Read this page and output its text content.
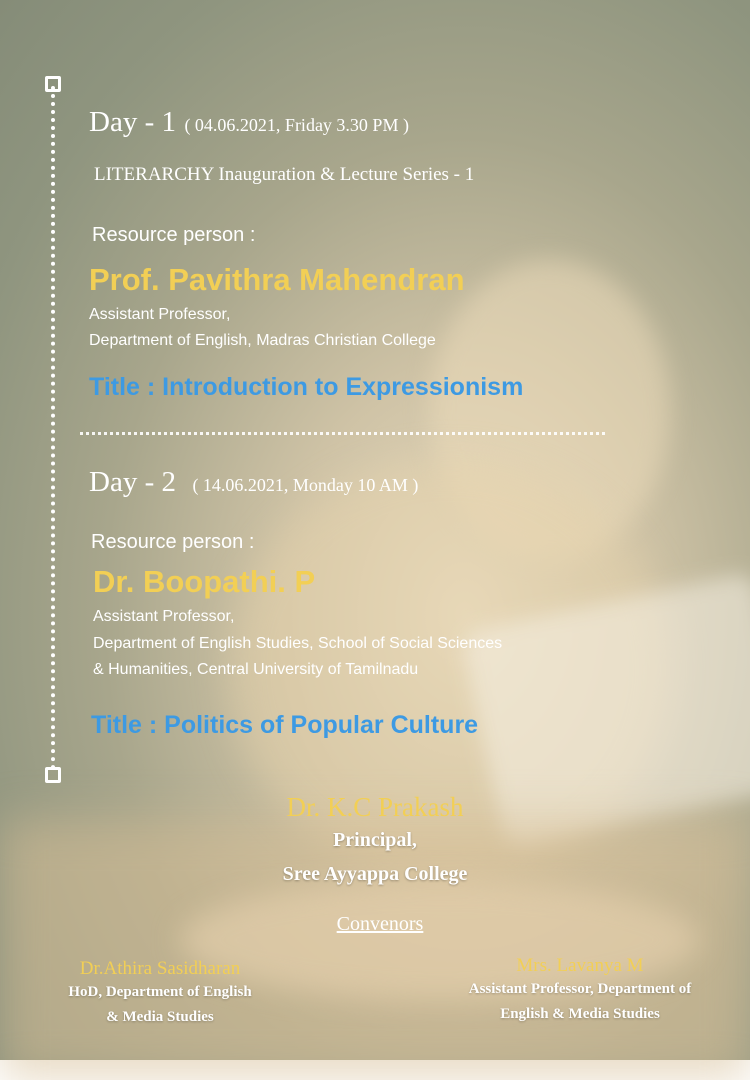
Day - 1 ( 04.06.2021, Friday 3.30 PM )
LITERARCHY Inauguration & Lecture Series - 1
Resource person :
Prof. Pavithra Mahendran
Assistant Professor,
Department of English, Madras Christian College
Title : Introduction to Expressionism
Day - 2 ( 14.06.2021, Monday 10 AM )
Resource person :
Dr. Boopathi. P
Assistant Professor,
Department of English Studies, School of Social Sciences
& Humanities, Central University of Tamilnadu
Title : Politics of Popular Culture
Dr. K.C Prakash
Principal,
Sree Ayyappa College
Convenors
Dr.Athira Sasidharan
HoD, Department of English
& Media Studies
Mrs. Lavanya M
Assistant Professor, Department of
English & Media Studies
